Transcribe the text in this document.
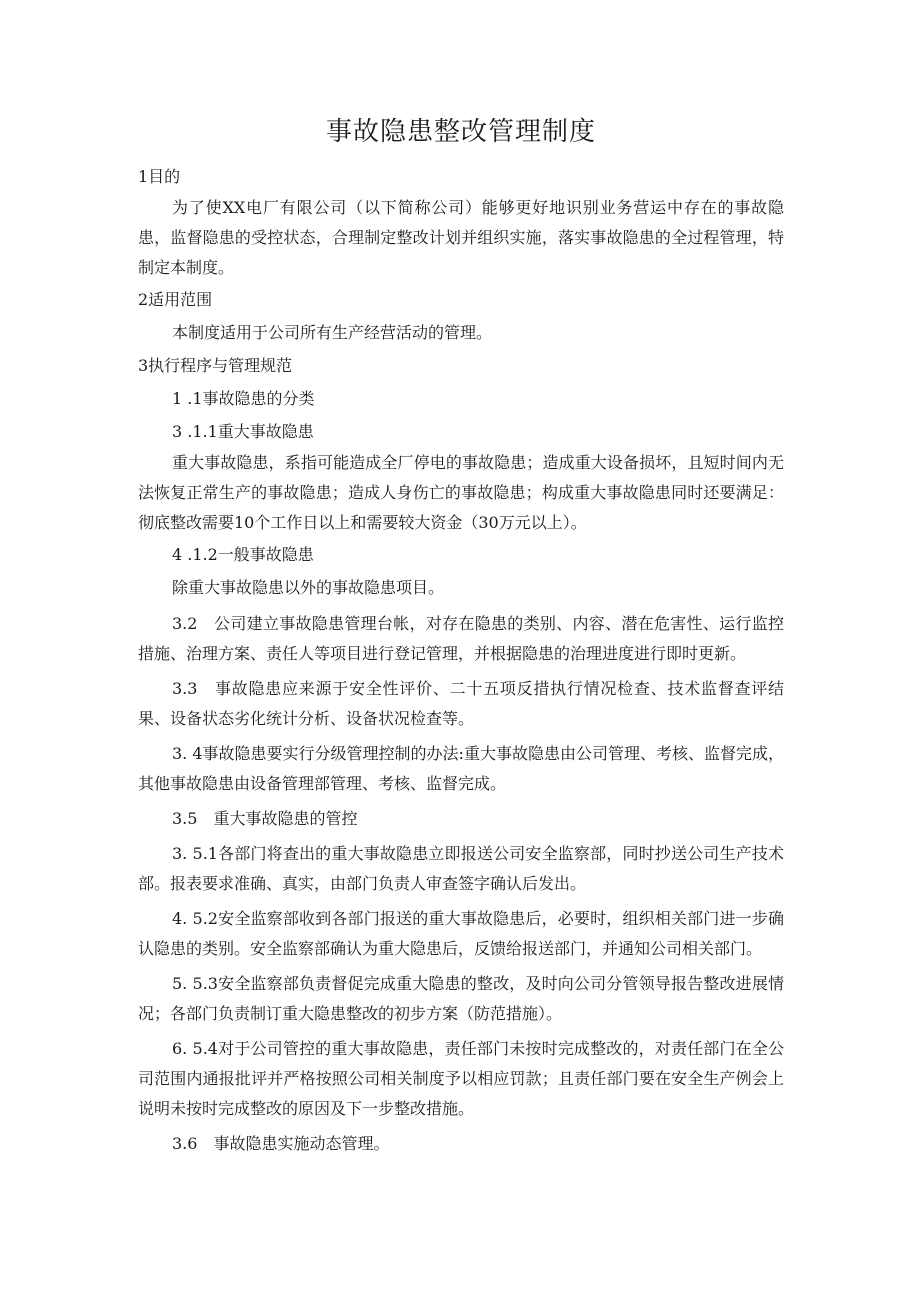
事故隐患整改管理制度

1目的

为了使XX电厂有限公司（以下简称公司）能够更好地识别业务营运中存在的事故隐患，监督隐患的受控状态，合理制定整改计划并组织实施，落实事故隐患的全过程管理，特制定本制度。

2适用范围

本制度适用于公司所有生产经营活动的管理。

3执行程序与管理规范

1 .1事故隐患的分类

3 .1.1重大事故隐患

重大事故隐患，系指可能造成全厂停电的事故隐患；造成重大设备损坏，且短时间内无法恢复正常生产的事故隐患；造成人身伤亡的事故隐患；构成重大事故隐患同时还要满足：彻底整改需要10个工作日以上和需要较大资金（30万元以上）。

4 .1.2一般事故隐患

除重大事故隐患以外的事故隐患项目。

3.2　公司建立事故隐患管理台帐，对存在隐患的类别、内容、潜在危害性、运行监控措施、治理方案、责任人等项目进行登记管理，并根据隐患的治理进度进行即时更新。

3.3　事故隐患应来源于安全性评价、二十五项反措执行情况检查、技术监督查评结果、设备状态劣化统计分析、设备状况检查等。

3. 4事故隐患要实行分级管理控制的办法:重大事故隐患由公司管理、考核、监督完成，其他事故隐患由设备管理部管理、考核、监督完成。

3.5　重大事故隐患的管控

3. 5.1各部门将查出的重大事故隐患立即报送公司安全监察部，同时抄送公司生产技术部。报表要求准确、真实，由部门负责人审查签字确认后发出。

4. 5.2安全监察部收到各部门报送的重大事故隐患后，必要时，组织相关部门进一步确认隐患的类别。安全监察部确认为重大隐患后，反馈给报送部门，并通知公司相关部门。

5. 5.3安全监察部负责督促完成重大隐患的整改，及时向公司分管领导报告整改进展情况；各部门负责制订重大隐患整改的初步方案（防范措施）。

6. 5.4对于公司管控的重大事故隐患，责任部门未按时完成整改的，对责任部门在全公司范围内通报批评并严格按照公司相关制度予以相应罚款；且责任部门要在安全生产例会上说明未按时完成整改的原因及下一步整改措施。

3.6　事故隐患实施动态管理。
